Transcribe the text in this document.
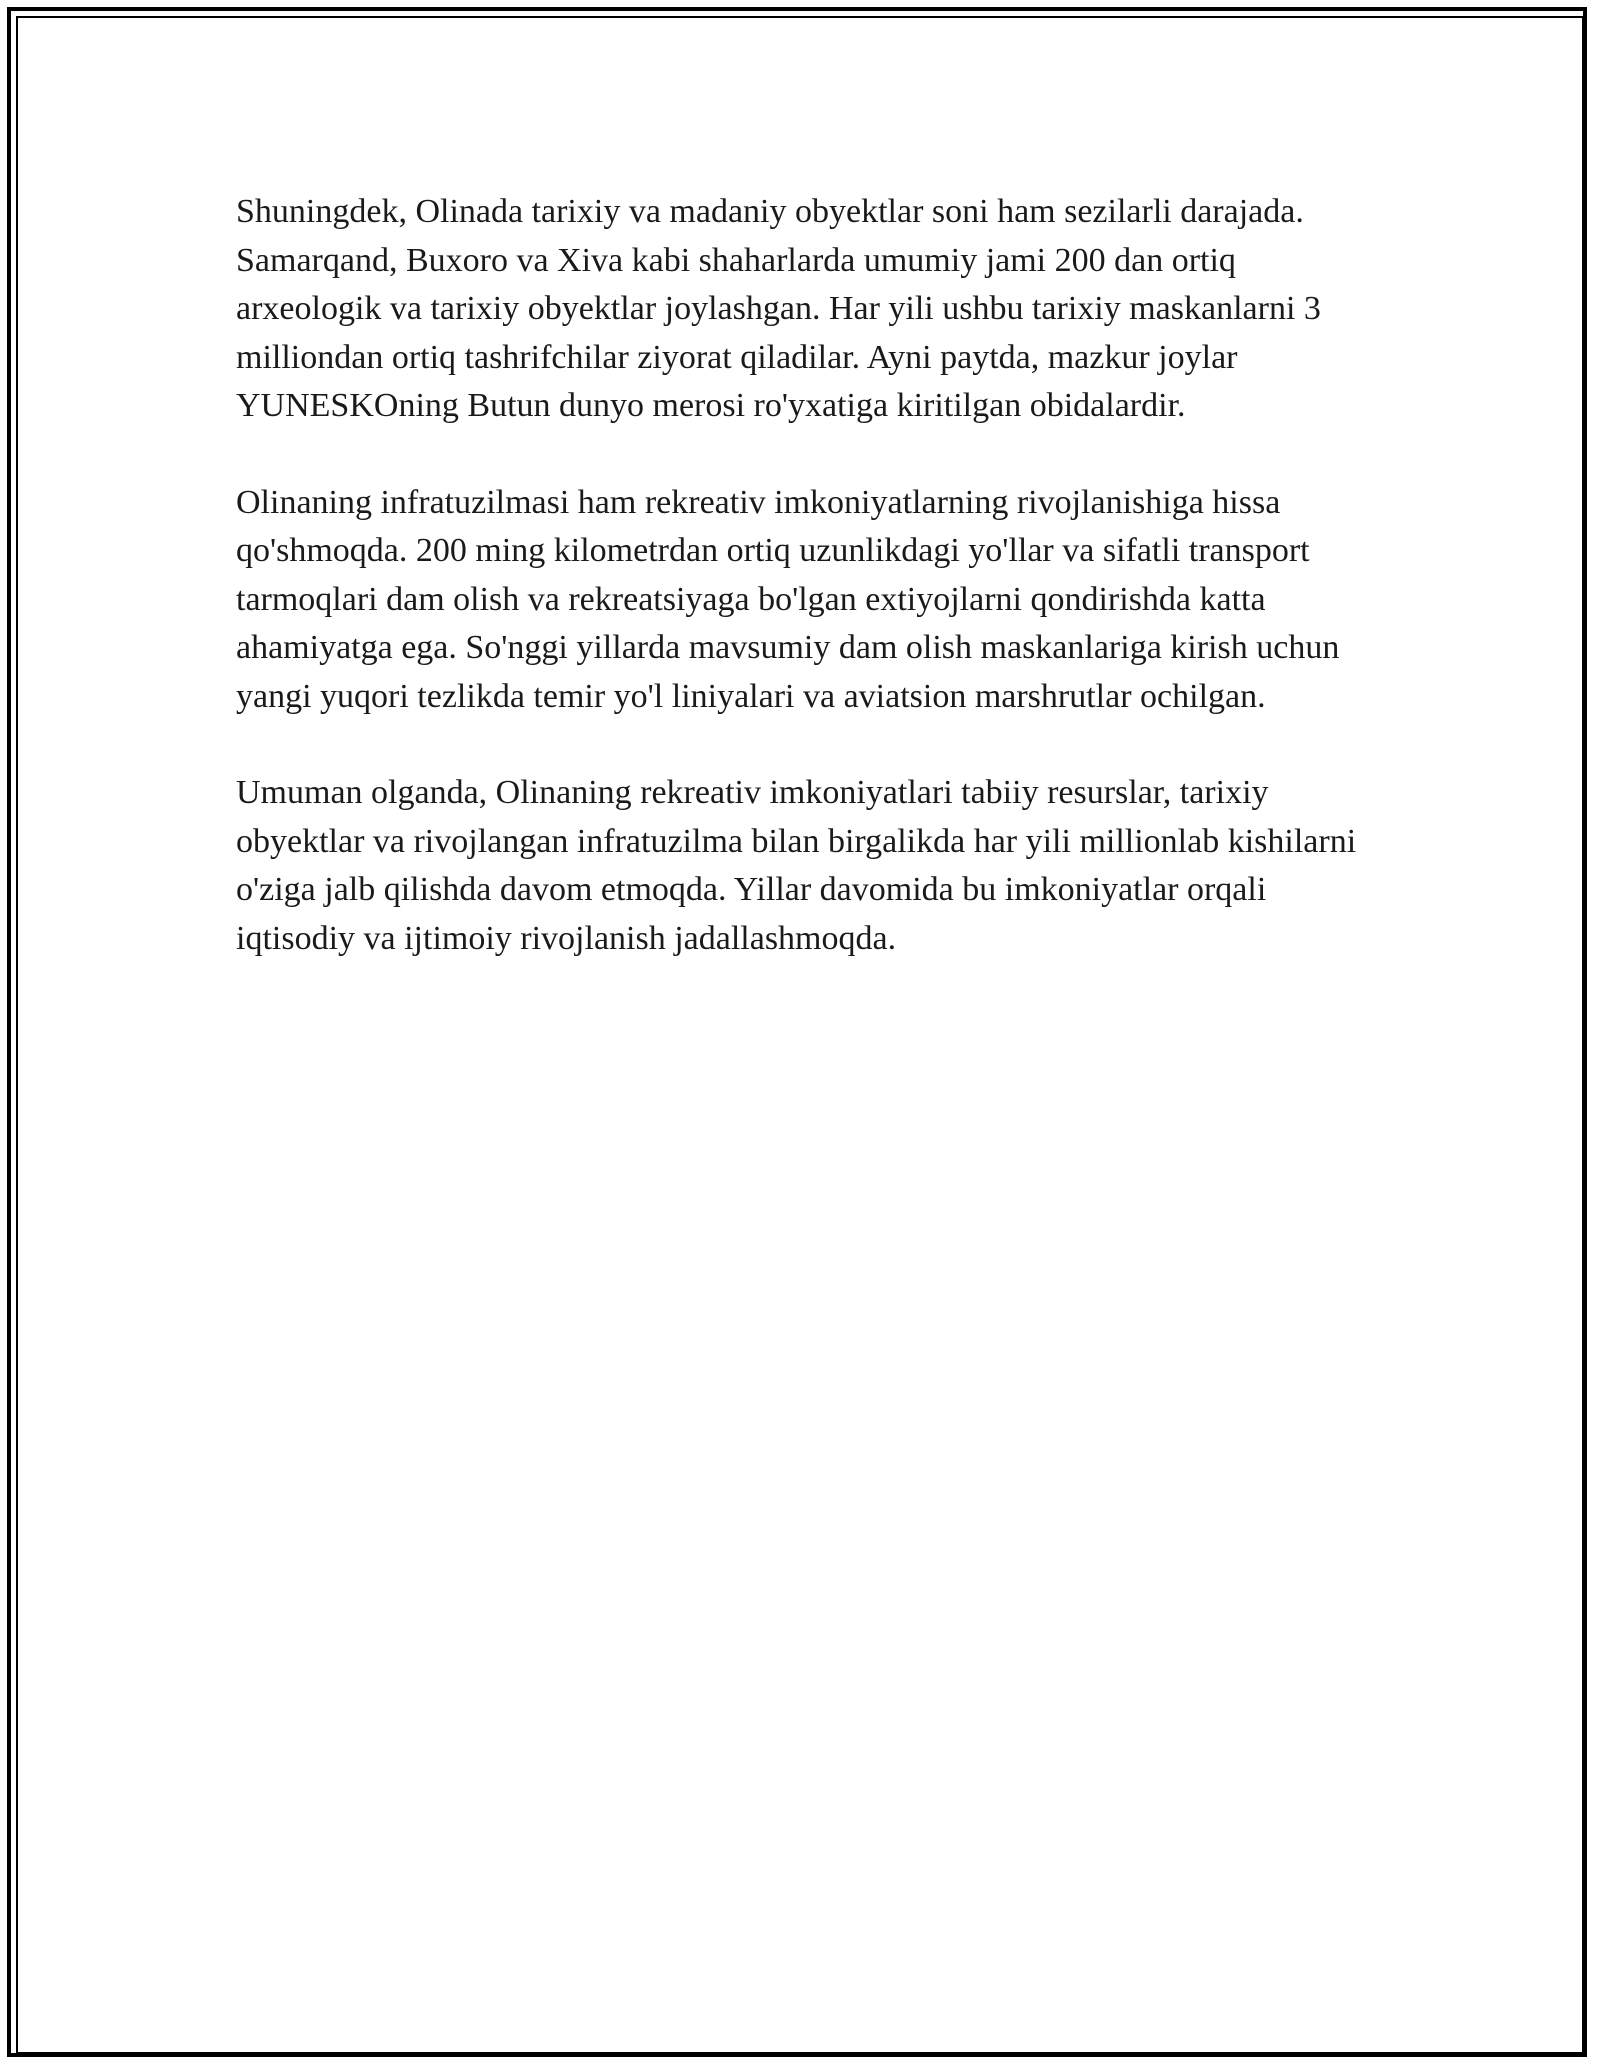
Shuningdek, Olinada tarixiy va madaniy obyektlar soni ham sezilarli darajada. Samarqand, Buxoro va Xiva kabi shaharlarda umumiy jami 200 dan ortiq arxeologik va tarixiy obyektlar joylashgan. Har yili ushbu tarixiy maskanlarni 3 milliondan ortiq tashrifchilar ziyorat qiladilar. Ayni paytda, mazkur joylar YUNESKOning Butun dunyo merosi ro'yxatiga kiritilgan obidalardir.

Olinaning infratuzilmasi ham rekreativ imkoniyatlarning rivojlanishiga hissa qo'shmoqda. 200 ming kilometrdan ortiq uzunlikdagi yo'llar va sifatli transport tarmoqlari dam olish va rekreatsiyaga bo'lgan extiyojlarni qondirishda katta ahamiyatga ega. So'nggi yillarda mavsumiy dam olish maskanlariga kirish uchun yangi yuqori tezlikda temir yo'l liniyalari va aviatsion marshrutlar ochilgan.

Umuman olganda, Olinaning rekreativ imkoniyatlari tabiiy resurslar, tarixiy obyektlar va rivojlangan infratuzilma bilan birgalikda har yili millionlab kishilarni o'ziga jalb qilishda davom etmoqda. Yillar davomida bu imkoniyatlar orqali iqtisodiy va ijtimoiy rivojlanish jadallashmoqda.
